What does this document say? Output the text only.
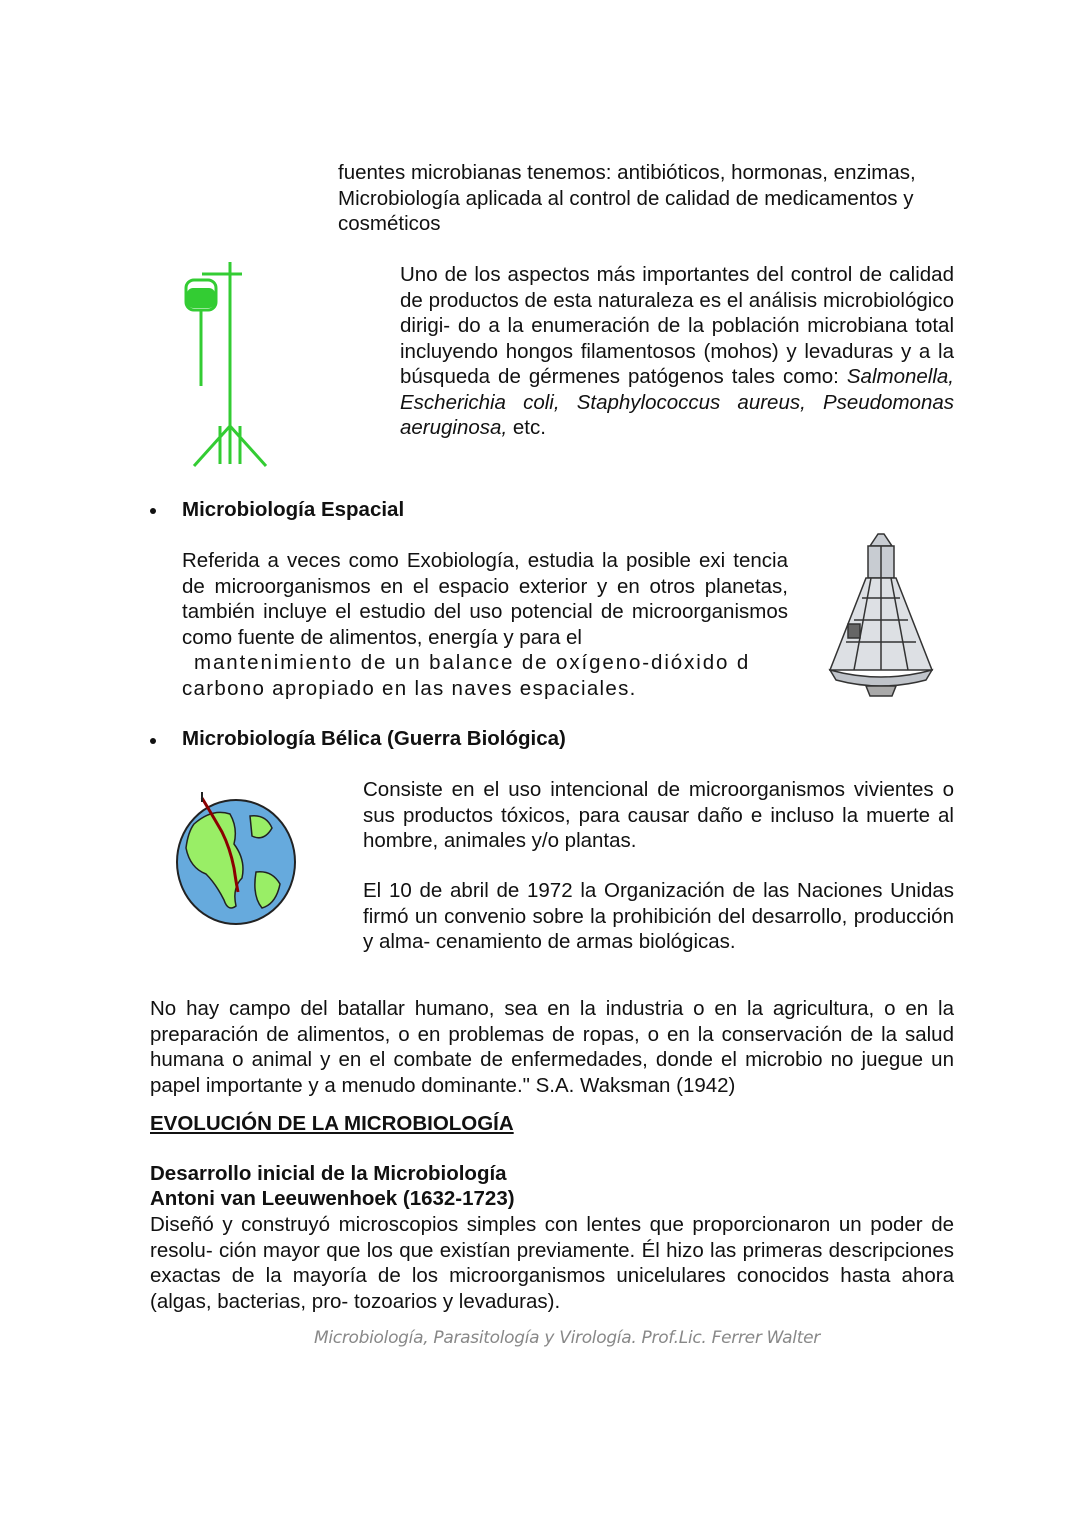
fuentes microbianas tenemos: antibióticos, hormonas, enzimas,
Microbiología aplicada al control de calidad de medicamentos y
cosméticos
Uno de los aspectos más importantes del control de calidad de productos de esta naturaleza es el análisis microbiológico dirigi- do a la enumeración de la población microbiana total incluyendo hongos filamentosos (mohos) y levaduras y a la búsqueda de gérmenes patógenos tales como: Salmonella, Escherichia coli, Staphylococcus aureus, Pseudomonas aeruginosa, etc.
Microbiología Espacial
Referida a veces como Exobiología, estudia la posible exi tencia de microorganismos en el espacio exterior y en otros planetas, también incluye el estudio del uso potencial de microorganismos como fuente de alimentos, energía y para el
mantenimiento de un balance de oxígeno-dióxido d
carbono apropiado en las naves espaciales.
Microbiología Bélica (Guerra Biológica)
Consiste en el uso intencional de microorganismos vivientes o sus productos tóxicos, para causar daño e incluso la muerte al hombre, animales y/o plantas.
El 10 de abril de 1972 la Organización de las Naciones Unidas firmó un convenio sobre la prohibición del desarrollo, producción y alma- cenamiento de armas biológicas.
No hay campo del batallar humano, sea en la industria o en la agricultura, o en la preparación de alimentos, o en problemas de ropas, o en la conservación de la salud humana o animal y en el combate de enfermedades, donde el microbio no juegue un papel importante y a menudo dominante." S.A. Waksman (1942)
EVOLUCIÓN DE LA MICROBIOLOGÍA
Desarrollo inicial de la Microbiología
Antoni van Leeuwenhoek (1632-1723)
Diseñó y construyó microscopios simples con lentes que proporcionaron un poder de resolu- ción mayor que los que existían previamente. Él hizo las primeras descripciones exactas de la mayoría de los microorganismos unicelulares conocidos hasta ahora (algas, bacterias, pro- tozoarios y levaduras).
Microbiología, Parasitología y Virología. Prof.Lic. Ferrer Walter
